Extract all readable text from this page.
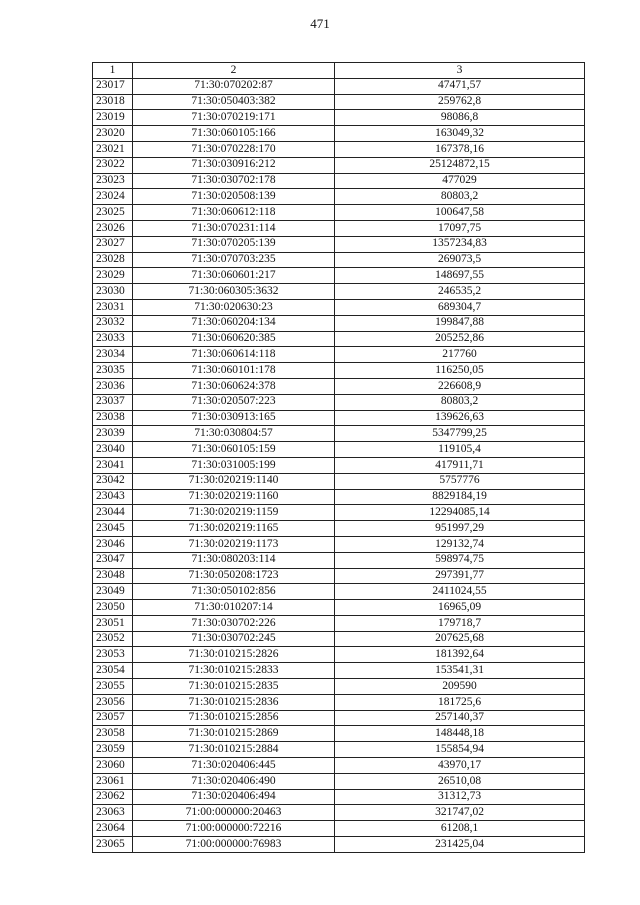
471
1	2	3
23017	71:30:070202:87	47471,57
23018	71:30:050403:382	259762,8
23019	71:30:070219:171	98086,8
23020	71:30:060105:166	163049,32
23021	71:30:070228:170	167378,16
23022	71:30:030916:212	25124872,15
23023	71:30:030702:178	477029
23024	71:30:020508:139	80803,2
23025	71:30:060612:118	100647,58
23026	71:30:070231:114	17097,75
23027	71:30:070205:139	1357234,83
23028	71:30:070703:235	269073,5
23029	71:30:060601:217	148697,55
23030	71:30:060305:3632	246535,2
23031	71:30:020630:23	689304,7
23032	71:30:060204:134	199847,88
23033	71:30:060620:385	205252,86
23034	71:30:060614:118	217760
23035	71:30:060101:178	116250,05
23036	71:30:060624:378	226608,9
23037	71:30:020507:223	80803,2
23038	71:30:030913:165	139626,63
23039	71:30:030804:57	5347799,25
23040	71:30:060105:159	119105,4
23041	71:30:031005:199	417911,71
23042	71:30:020219:1140	5757776
23043	71:30:020219:1160	8829184,19
23044	71:30:020219:1159	12294085,14
23045	71:30:020219:1165	951997,29
23046	71:30:020219:1173	129132,74
23047	71:30:080203:114	598974,75
23048	71:30:050208:1723	297391,77
23049	71:30:050102:856	2411024,55
23050	71:30:010207:14	16965,09
23051	71:30:030702:226	179718,7
23052	71:30:030702:245	207625,68
23053	71:30:010215:2826	181392,64
23054	71:30:010215:2833	153541,31
23055	71:30:010215:2835	209590
23056	71:30:010215:2836	181725,6
23057	71:30:010215:2856	257140,37
23058	71:30:010215:2869	148448,18
23059	71:30:010215:2884	155854,94
23060	71:30:020406:445	43970,17
23061	71:30:020406:490	26510,08
23062	71:30:020406:494	31312,73
23063	71:00:000000:20463	321747,02
23064	71:00:000000:72216	61208,1
23065	71:00:000000:76983	231425,04
